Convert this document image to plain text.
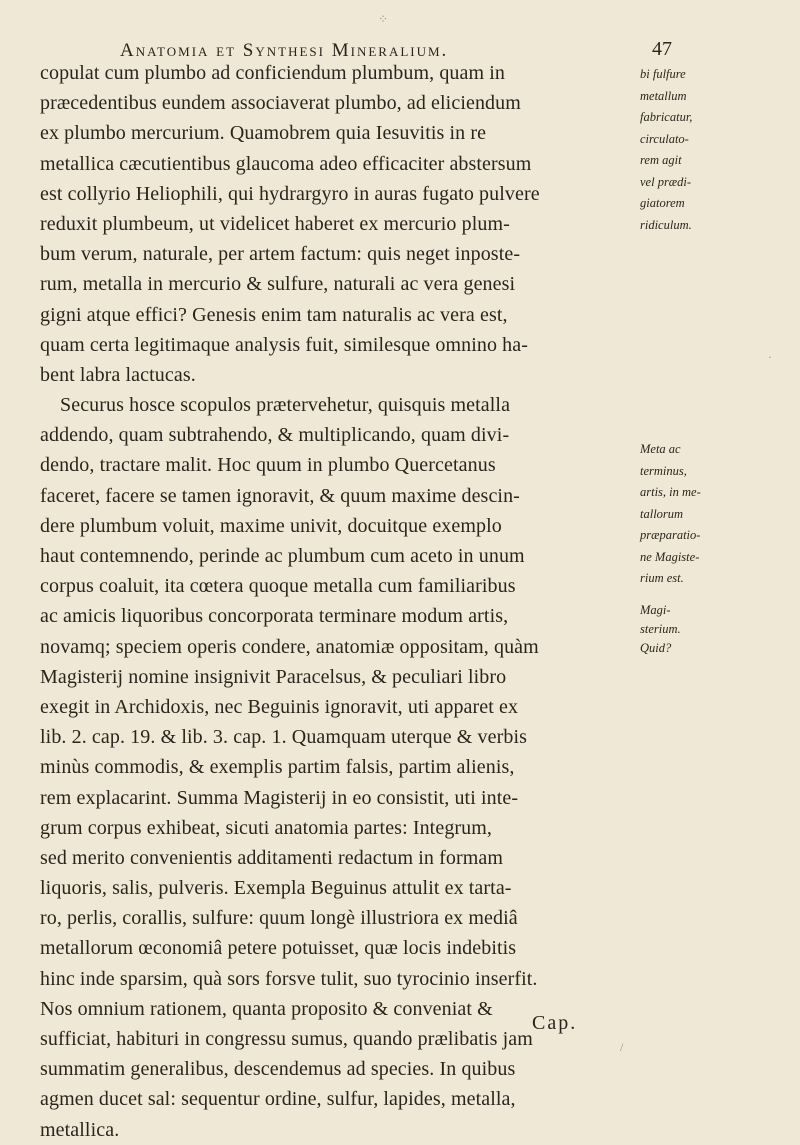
Anatomia et Synthesi Mineralium.	47
copulat cum plumbo ad conficiendum plumbum, quam in
præcedentibus eundem associaverat plumbo, ad eliciendum
ex plumbo mercurium. Quamobrem quia Iesuvitis in re
metallica cæcutientibus glaucoma adeo efficaciter abstersum
est collyrio Heliophili, qui hydrargyro in auras fugato pulvere
reduxit plumbeum, ut videlicet haberet ex mercurio plum-
bum verum, naturale, per artem factum: quis neget inposte-
rum, metalla in mercurio & sulfure, naturali ac vera genesi
gigni atque effici? Genesis enim tam naturalis ac vera est,
quam certa legitimaque analysis fuit, similesque omnino ha-
bent labra lactucas.
Securus hosce scopulos prætervehetur, quisquis metalla
addendo, quam subtrahendo, & multiplicando, quam divi-
dendo, tractare malit. Hoc quum in plumbo Quercetanus
faceret, facere se tamen ignoravit, & quum maxime descin-
dere plumbum voluit, maxime univit, docuitque exemplo
haut contemnendo, perinde ac plumbum cum aceto in unum
corpus coaluit, ita cœtera quoque metalla cum familiaribus
ac amicis liquoribus concorporata terminare modum artis,
novamq; speciem operis condere, anatomiæ oppositam, quàm
Magisterij nomine insignivit Paracelsus, & peculiari libro
exegit in Archidoxis, nec Beguinis ignoravit, uti apparet ex
lib. 2. cap. 19. & lib. 3. cap. 1. Quamquam uterque & verbis
minùs commodis, & exemplis partim falsis, partim alienis,
rem explacarint. Summa Magisterij in eo consistit, uti inte-
grum corpus exhibeat, sicuti anatomia partes: Integrum,
sed merito convenientis additamenti redactum in formam
liquoris, salis, pulveris. Exempla Beguinus attulit ex tarta-
ro, perlis, corallis, sulfure: quum longè illustriora ex mediâ
metallorum œconomiâ petere potuisset, quæ locis indebitis
hinc inde sparsim, quà sors forsve tulit, suo tyrocinio inserfit.
Nos omnium rationem, quanta proposito & conveniat &
sufficiat, habituri in congressu sumus, quando prælibatis jam
summatim generalibus, descendemus ad species. In quibus
agmen ducet sal: sequentur ordine, sulfur, lapides, metalla,
metallica.
bi fulfure
metallum
fabricatur,
circulato-
rem agit
vel prædi-
giatorem
ridiculum.
Meta ac
terminus,
artis, in me-
tallorum
præparatio-
ne Magiste-
rium est.
Magi-
sterium.
Quid?
Cap.
⁘
·
/
